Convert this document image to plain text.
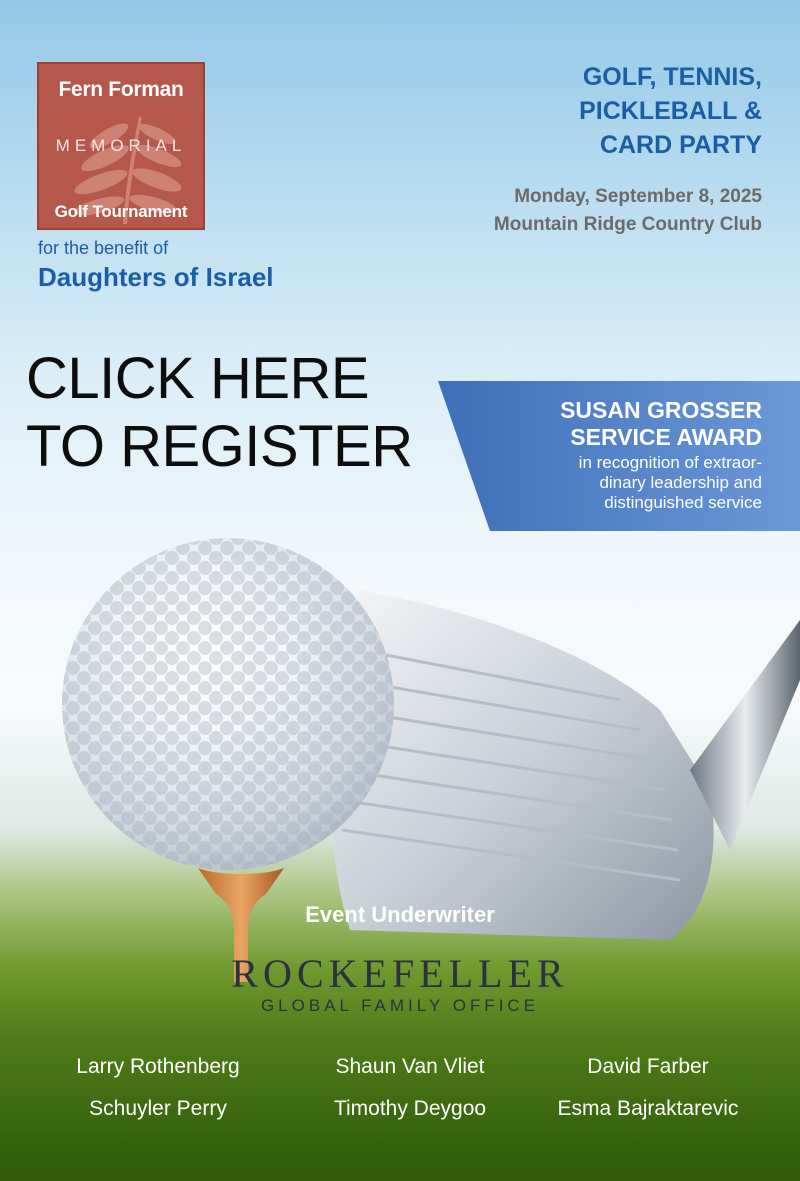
Fern Forman
MEMORIAL
Golf Tournament
for the benefit of
Daughters of Israel
GOLF, TENNIS,
PICKLEBALL &
CARD PARTY
Monday, September 8, 2025
Mountain Ridge Country Club
CLICK HERE
TO REGISTER
SUSAN GROSSER
SERVICE AWARD
in recognition of extraor-
dinary leadership and
distinguished service
Event Underwriter
ROCKEFELLER
GLOBAL FAMILY OFFICE
Larry Rothenberg	Shaun Van Vliet	David Farber
Schuyler Perry	Timothy Deygoo	Esma Bajraktarevic
